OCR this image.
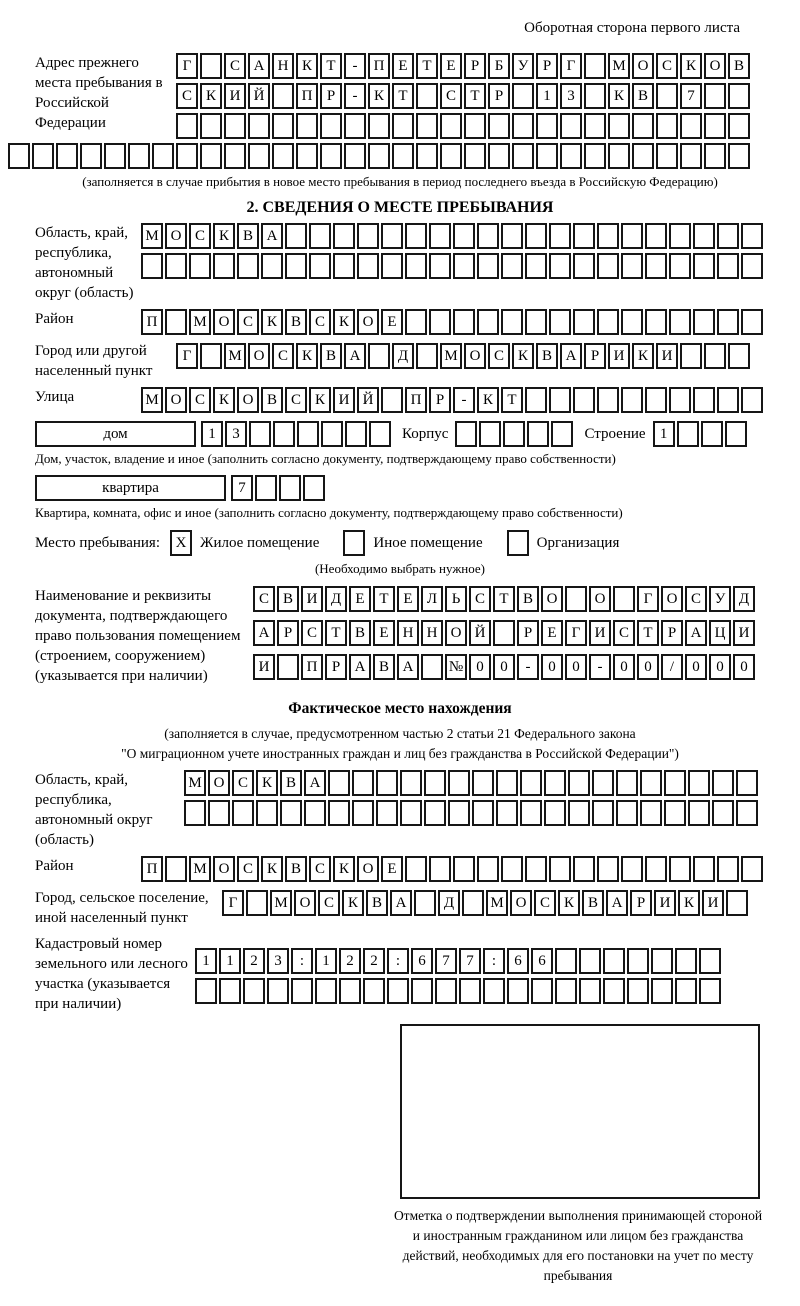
Оборотная сторона первого листа
Адрес прежнего места пребывания в Российской Федерации
Г	С А Н К Т	-	П Е Т Е	Р	Б У Р	Г	М О С К О В
С К И Й	П Р	-	К Т	С Т	Р	1	3	К В	7
(заполняется в случае прибытия в новое место пребывания в период последнего въезда в Российскую Федерацию)
2. СВЕДЕНИЯ О МЕСТЕ ПРЕБЫВАНИЯ
Область, край, республика, автономный округ (область)
М О С К В А
Район	П	М О С К В С К О Е
Город или другой населенный пункт
Г	М О С К В А	Д	М О С К В А Р И К И
Улица	М О С К О В С К И Й	П Р	-	К Т
дом	1	3	Корпус	Строение 1
Дом, участок, владение и иное (заполнить согласно документу, подтверждающему право собственности)
квартира	7
Квартира, комната, офис и иное (заполнить согласно документу, подтверждающему право собственности)
Место пребывания:	X Жилое помещение	Иное помещение	Организация
(Необходимо выбрать нужное)
Наименование и реквизиты документа, подтверждающего право пользования помещением (строением, сооружением) (указывается при наличии)
С В И Д Е Т Е Л Ь С Т В О	О	Г О С У Д
А Р С Т В Е Н Н О Й	Р	Е	Г И С Т	Р А Ц И
И	П Р А В А	№ 0	0	-	0	0	-	0	0	/	0	0	0
Фактическое место нахождения
(заполняется в случае, предусмотренном частью 2 статьи 21 Федерального закона
"О миграционном учете иностранных граждан и лиц без гражданства в Российской Федерации")
Область, край, республика, автономный округ (область)
М О С К В А
Район	П	М О С К В С К О Е
Город, сельское поселение, иной населенный пункт
Г	М О С К В А	Д	М О С К В А Р И К И
Кадастровый номер земельного или лесного участка (указывается при наличии)
1	1	2	3	:	1	2	2	:	6	7	7	:	6	6
Отметка о подтверждении выполнения принимающей стороной и иностранным гражданином или лицом без гражданства действий, необходимых для его постановки на учет по месту пребывания
